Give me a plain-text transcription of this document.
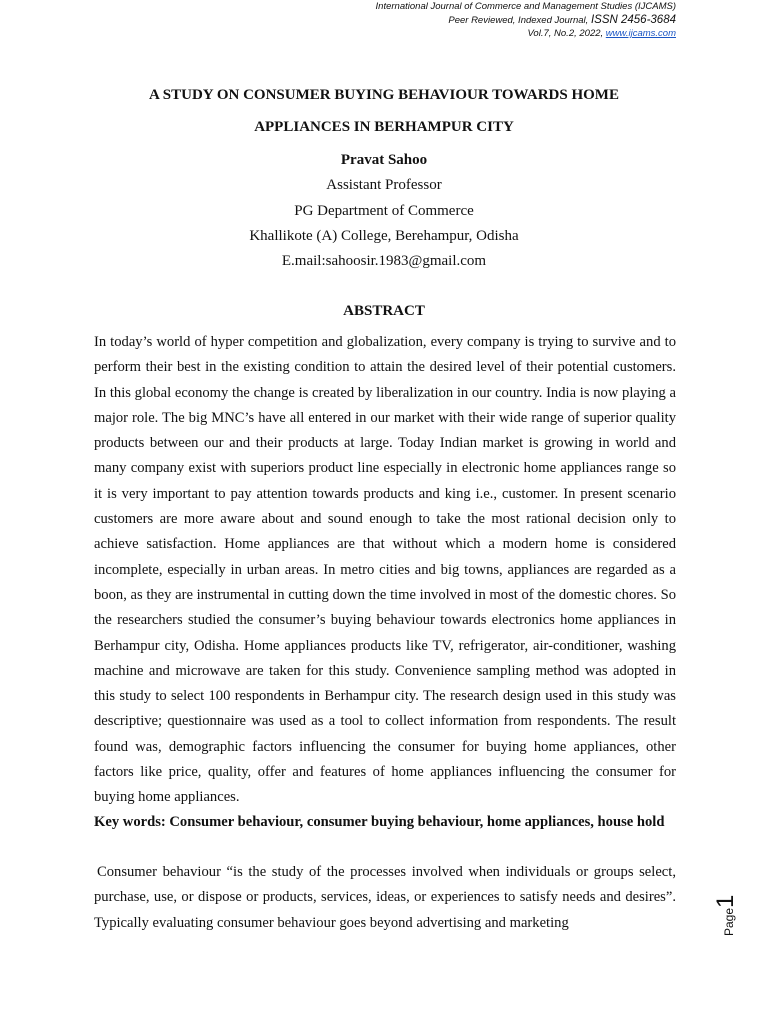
International Journal of Commerce and Management Studies (IJCAMS)
Peer Reviewed, Indexed Journal, ISSN 2456-3684
Vol.7, No.2, 2022, www.ijcams.com
A STUDY ON CONSUMER BUYING BEHAVIOUR TOWARDS HOME
APPLIANCES IN BERHAMPUR CITY
Pravat Sahoo
Assistant Professor
PG Department of Commerce
Khallikote (A) College, Berehampur, Odisha
E.mail:sahoosir.1983@gmail.com
ABSTRACT
In today’s world of hyper competition and globalization, every company is trying to survive and to perform their best in the existing condition to attain the desired level of their potential customers. In this global economy the change is created by liberalization in our country. India is now playing a major role. The big MNC’s have all entered in our market with their wide range of superior quality products between our and their products at large. Today Indian market is growing in world and many company exist with superiors product line especially in electronic home appliances range so it is very important to pay attention towards products and king i.e., customer. In present scenario customers are more aware about and sound enough to take the most rational decision only to achieve satisfaction. Home appliances are that without which a modern home is considered incomplete, especially in urban areas. In metro cities and big towns, appliances are regarded as a boon, as they are instrumental in cutting down the time involved in most of the domestic chores. So the researchers studied the consumer’s buying behaviour towards electronics home appliances in Berhampur city, Odisha. Home appliances products like TV, refrigerator, air-conditioner, washing machine and microwave are taken for this study. Convenience sampling method was adopted in this study to select 100 respondents in Berhampur city. The research design used in this study was descriptive; questionnaire was used as a tool to collect information from respondents. The result found was, demographic factors influencing the consumer for buying home appliances, other factors like price, quality, offer and features of home appliances influencing the consumer for buying home appliances.
Key words: Consumer behaviour, consumer buying behaviour, home appliances, house hold
Consumer behaviour “is the study of the processes involved when individuals or groups select, purchase, use, or dispose or products, services, ideas, or experiences to satisfy needs and desires”. Typically evaluating consumer behaviour goes beyond advertising and marketing	Page1
